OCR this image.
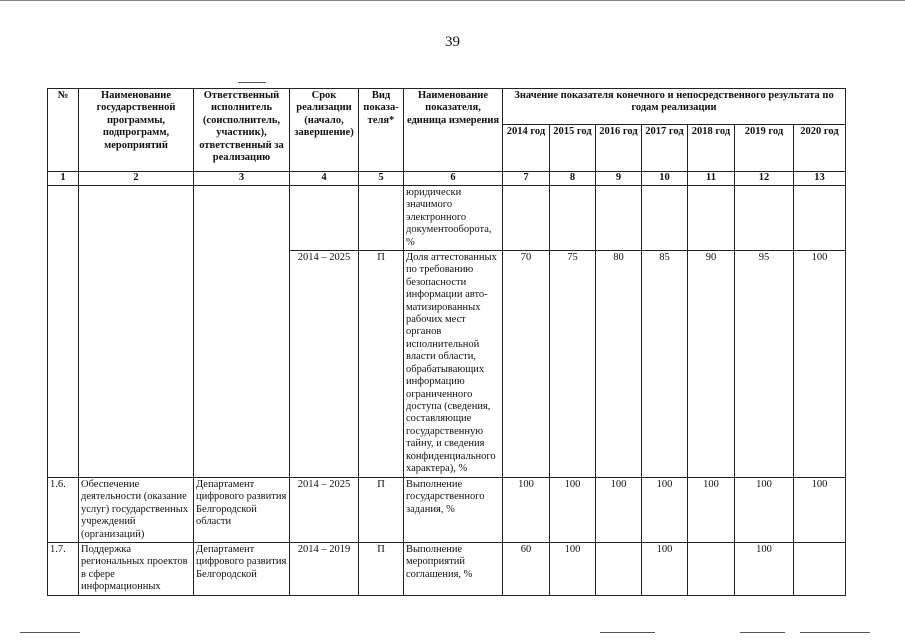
39
№	Наименование государственной программы, подпрограмм, мероприятий	Ответственный исполнитель (соисполнитель, участник), ответственный за реализацию	Срок реализации (начало, завершение)	Вид показа-теля*	Наименование показателя, единица измерения	Значение показателя конечного и непосредственного результата по годам реализации						
						2014 год	2015 год	2016 год	2017 год	2018 год	2019 год	2020 год
1	2	3	4	5	6	7	8	9	10	11	12	13
					юридически значимого электронного документооборота, %							
			2014 – 2025	П	Доля аттестованных по требованию безопасности информации авто-матизированных рабочих мест органов исполнительной власти области, обрабатывающих информацию ограниченного доступа (сведения, составляющие государственную тайну, и сведения конфиденциального характера), %	70	75	80	85	90	95	100
1.6.	Обеспечение деятельности (оказание услуг) государственных учреждений (организаций)	Департамент цифрового развития Белгородской области	2014 – 2025	П	Выполнение государственного задания, %	100	100	100	100	100	100	100
1.7.	Поддержка региональных проектов в сфере информационных	Департамент цифрового развития Белгородской	2014 – 2019	П	Выполнение мероприятий соглашения, %	60	100		100		100	
